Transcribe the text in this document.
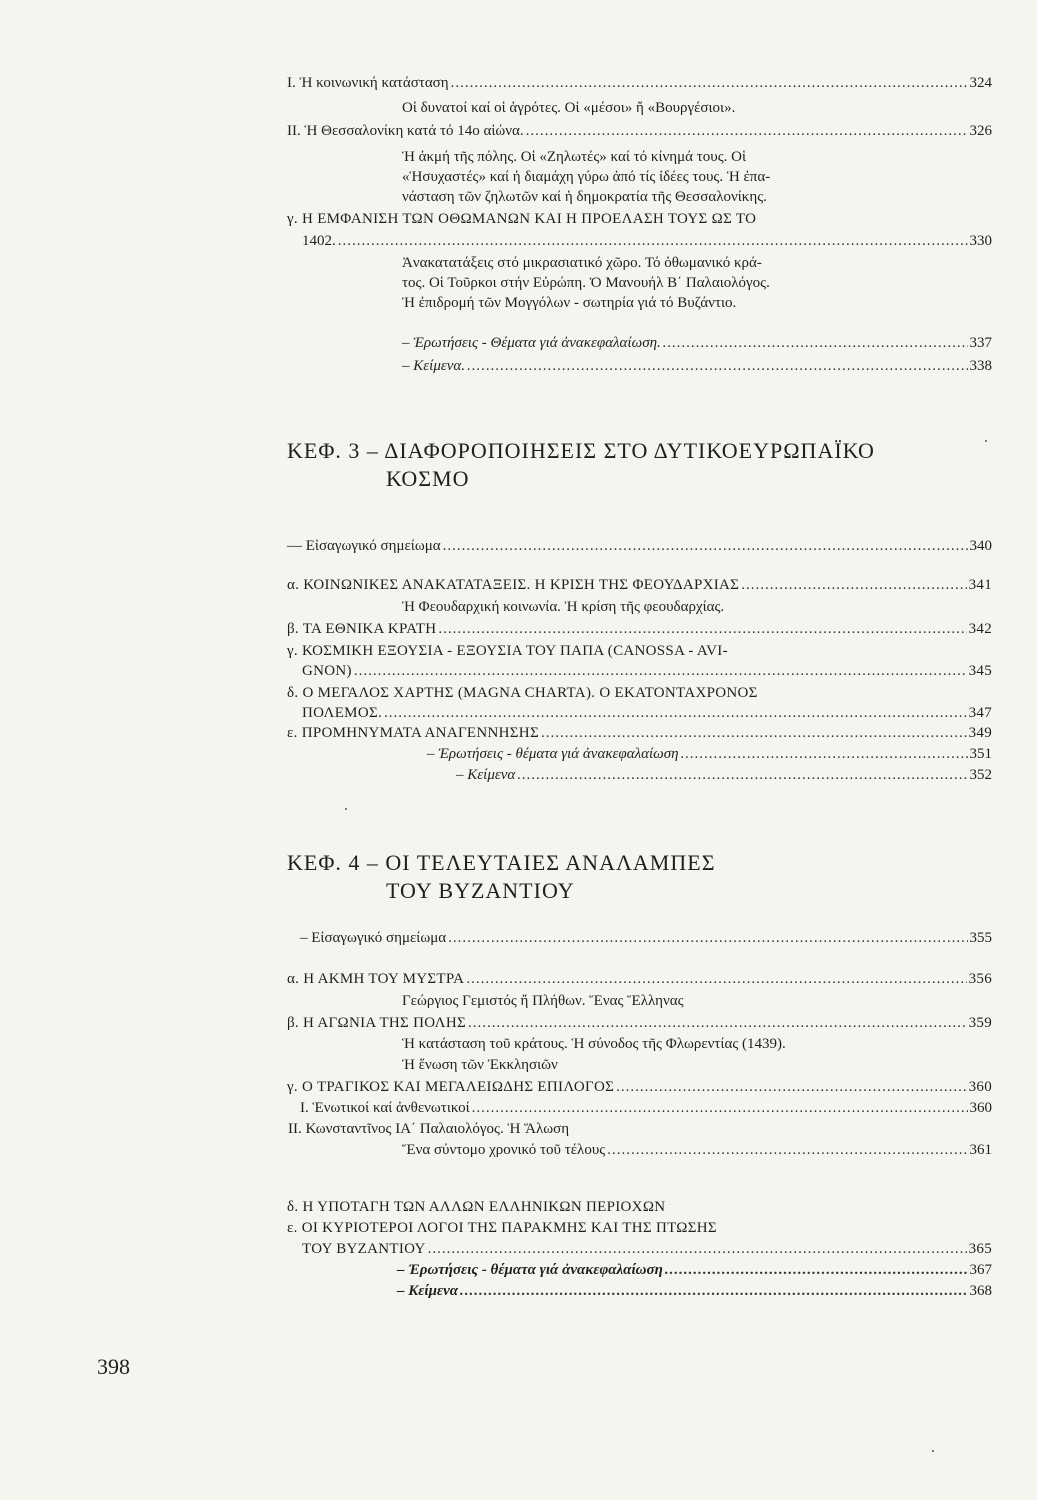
Ι. Ἡ κοινωνική κατάσταση .....	324
Οἱ δυνατοί καί οἱ ἀγρότες. Οἱ «μέσοι» ἤ «Βουργέσιοι».
ΙΙ. Ἡ Θεσσαλονίκη κατά τό 14ο αἰώνα. .....	326
Ἡ ἀκμή τῆς πόλης. Οἱ «Ζηλωτές» καί τό κίνημά τους. Οἱ
«Ἡσυχαστές» καί ἡ διαμάχη γύρω ἀπό τίς ἰδέες τους. Ἡ ἐπα-
νάσταση τῶν ζηλωτῶν καί ἡ δημοκρατία τῆς Θεσσαλονίκης.
γ. Η ΕΜΦΑΝΙΣΗ ΤΩΝ ΟΘΩΜΑΝΩΝ ΚΑΙ Η ΠΡΟΕΛΑΣΗ ΤΟΥΣ ΩΣ ΤΟ
1402. .....	330
Ἀνακατατάξεις στό μικρασιατικό χῶρο. Τό ὀθωμανικό κρά-
τος. Οἱ Τοῦρκοι στήν Εὐρώπη. Ὁ Μανουήλ Β΄ Παλαιολόγος.
Ἡ ἐπιδρομή τῶν Μογγόλων - σωτηρία γιά τό Βυζάντιο.
– Ἐρωτήσεις - Θέματα γιά ἀνακεφαλαίωση. .....	337
– Κείμενα. .....	338
ΚΕΦ. 3 – ΔΙΑΦΟΡΟΠΟΙΗΣΕΙΣ ΣΤΟ ΔΥΤΙΚΟΕΥΡΩΠΑΪΚΟ
ΚΟΣΜΟ
— Εἰσαγωγικό σημείωμα .....	340
α. ΚΟΙΝΩΝΙΚΕΣ ΑΝΑΚΑΤΑΤΑΞΕΙΣ. Η ΚΡΙΣΗ ΤΗΣ ΦΕΟΥΔΑΡΧΙΑΣ .....	341
Ἡ Φεουδαρχική κοινωνία. Ἡ κρίση τῆς φεουδαρχίας.
β. ΤΑ ΕΘΝΙΚΑ ΚΡΑΤΗ .....	342
γ. ΚΟΣΜΙΚΗ ΕΞΟΥΣΙΑ - ΕΞΟΥΣΙΑ ΤΟΥ ΠΑΠΑ (CANOSSA - AVI-
GNON) .....	345
δ. Ο ΜΕΓΑΛΟΣ ΧΑΡΤΗΣ (MAGNA CHARTA). Ο ΕΚΑΤΟΝΤΑΧΡΟΝΟΣ
ΠΟΛΕΜΟΣ. .....	347
ε. ΠΡΟΜΗΝΥΜΑΤΑ ΑΝΑΓΕΝΝΗΣΗΣ .....	349
– Ἐρωτήσεις - θέματα γιά ἀνακεφαλαίωση .....	351
– Κείμενα .....	352
ΚΕΦ. 4 – ΟΙ ΤΕΛΕΥΤΑΙΕΣ ΑΝΑΛΑΜΠΕΣ
ΤΟΥ ΒΥΖΑΝΤΙΟΥ
– Εἰσαγωγικό σημείωμα .....	355
α. Η ΑΚΜΗ ΤΟΥ ΜΥΣΤΡΑ .....	356
Γεώργιος Γεμιστός ἤ Πλήθων. Ἕνας Ἕλληνας
β. Η ΑΓΩΝΙΑ ΤΗΣ ΠΟΛΗΣ .....	359
Ἡ κατάσταση τοῦ κράτους. Ἡ σύνοδος τῆς Φλωρεντίας (1439).
Ἡ ἕνωση τῶν Ἐκκλησιῶν
γ. Ο ΤΡΑΓΙΚΟΣ ΚΑΙ ΜΕΓΑΛΕΙΩΔΗΣ ΕΠΙΛΟΓΟΣ .....	360
Ι. Ἑνωτικοί καί ἀνθενωτικοί .....	360
ΙΙ. Κωνσταντῖνος ΙΑ΄ Παλαιολόγος. Ἡ Ἅλωση
Ἕνα σύντομο χρονικό τοῦ τέλους .....	361
δ. Η ΥΠΟΤΑΓΗ ΤΩΝ ΑΛΛΩΝ ΕΛΛΗΝΙΚΩΝ ΠΕΡΙΟΧΩΝ
ε. ΟΙ ΚΥΡΙΟΤΕΡΟΙ ΛΟΓΟΙ ΤΗΣ ΠΑΡΑΚΜΗΣ ΚΑΙ ΤΗΣ ΠΤΩΣΗΣ
ΤΟΥ ΒΥΖΑΝΤΙΟΥ .....	365
– Ἐρωτήσεις - θέματα γιά ἀνακεφαλαίωση .....	367
– Κείμενα .....	368
398
